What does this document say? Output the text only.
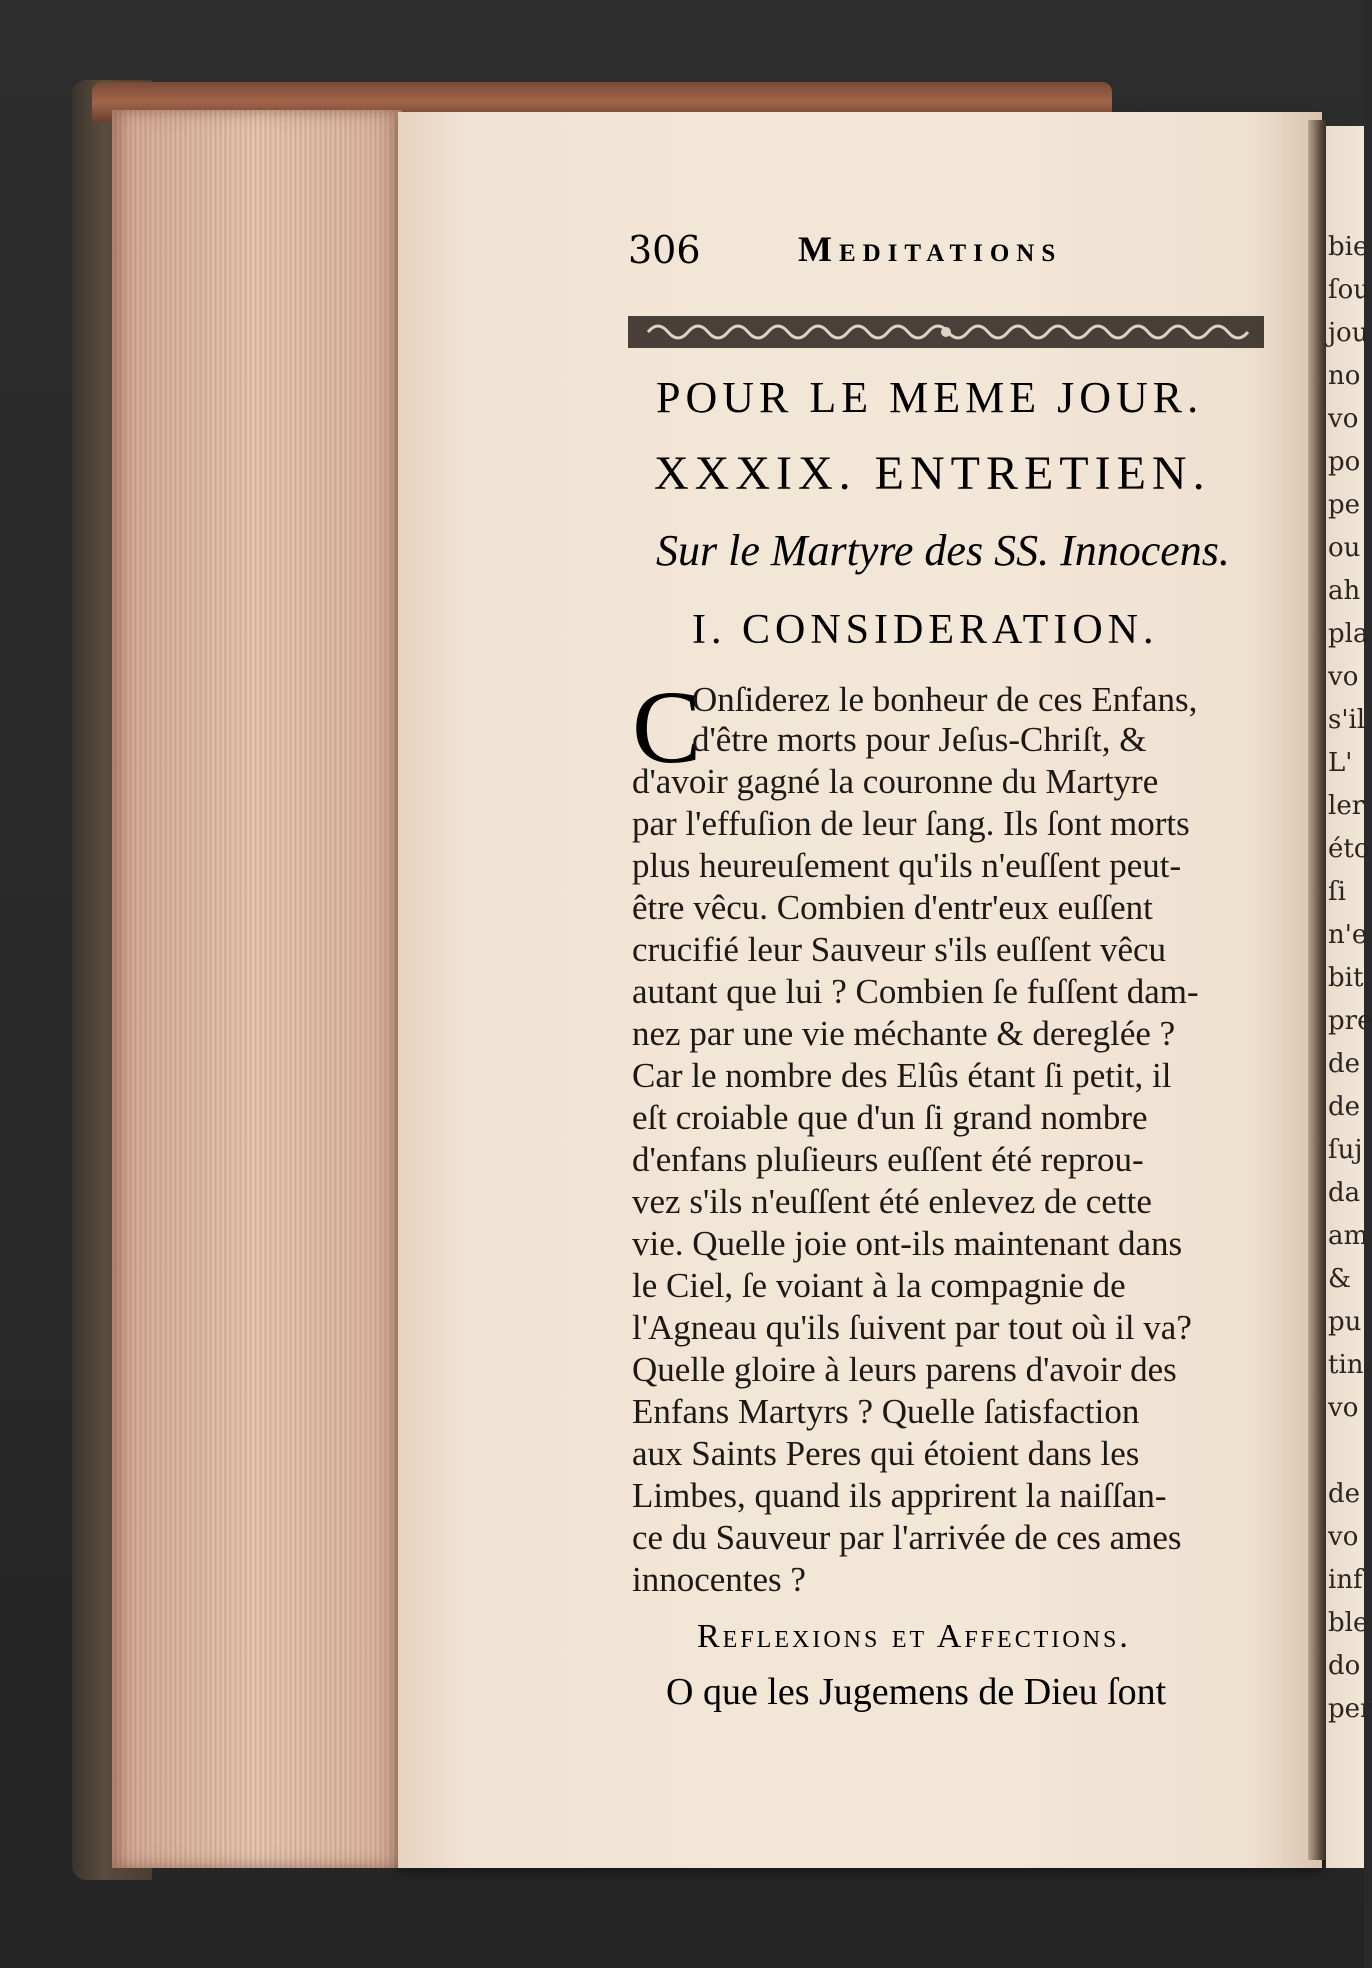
bie
ſou
jou
no
vo
po
pe
ou
ah
pla
vo
s'il
L'
ler
éto
ſi
n'e
bit
pre
de
de
ſuj
da
am
&
pu
tin
vo
de
vo
inf
ble
do
per
306	Meditations
POUR LE MEME JOUR.
XXXIX. ENTRETIEN.
Sur le Martyre des SS. Innocens.
I. CONSIDERATION.
C
Onſiderez le bonheur de ces Enfans,
d'être morts pour Jeſus-Chriſt, &
d'avoir gagné la couronne du Martyre
par l'effuſion de leur ſang. Ils ſont morts
plus heureuſement qu'ils n'euſſent peut-
être vêcu. Combien d'entr'eux euſſent
crucifié leur Sauveur s'ils euſſent vêcu
autant que lui ? Combien ſe fuſſent dam-
nez par une vie méchante & dereglée ?
Car le nombre des Elûs étant ſi petit, il
eſt croiable que d'un ſi grand nombre
d'enfans pluſieurs euſſent été reprou-
vez s'ils n'euſſent été enlevez de cette
vie. Quelle joie ont-ils maintenant dans
le Ciel, ſe voiant à la compagnie de
l'Agneau qu'ils ſuivent par tout où il va?
Quelle gloire à leurs parens d'avoir des
Enfans Martyrs ? Quelle ſatisfaction
aux Saints Peres qui étoient dans les
Limbes, quand ils apprirent la naiſſan-
ce du Sauveur par l'arrivée de ces ames
innocentes ?
Reflexions et Affections.
O que les Jugemens de Dieu ſont
